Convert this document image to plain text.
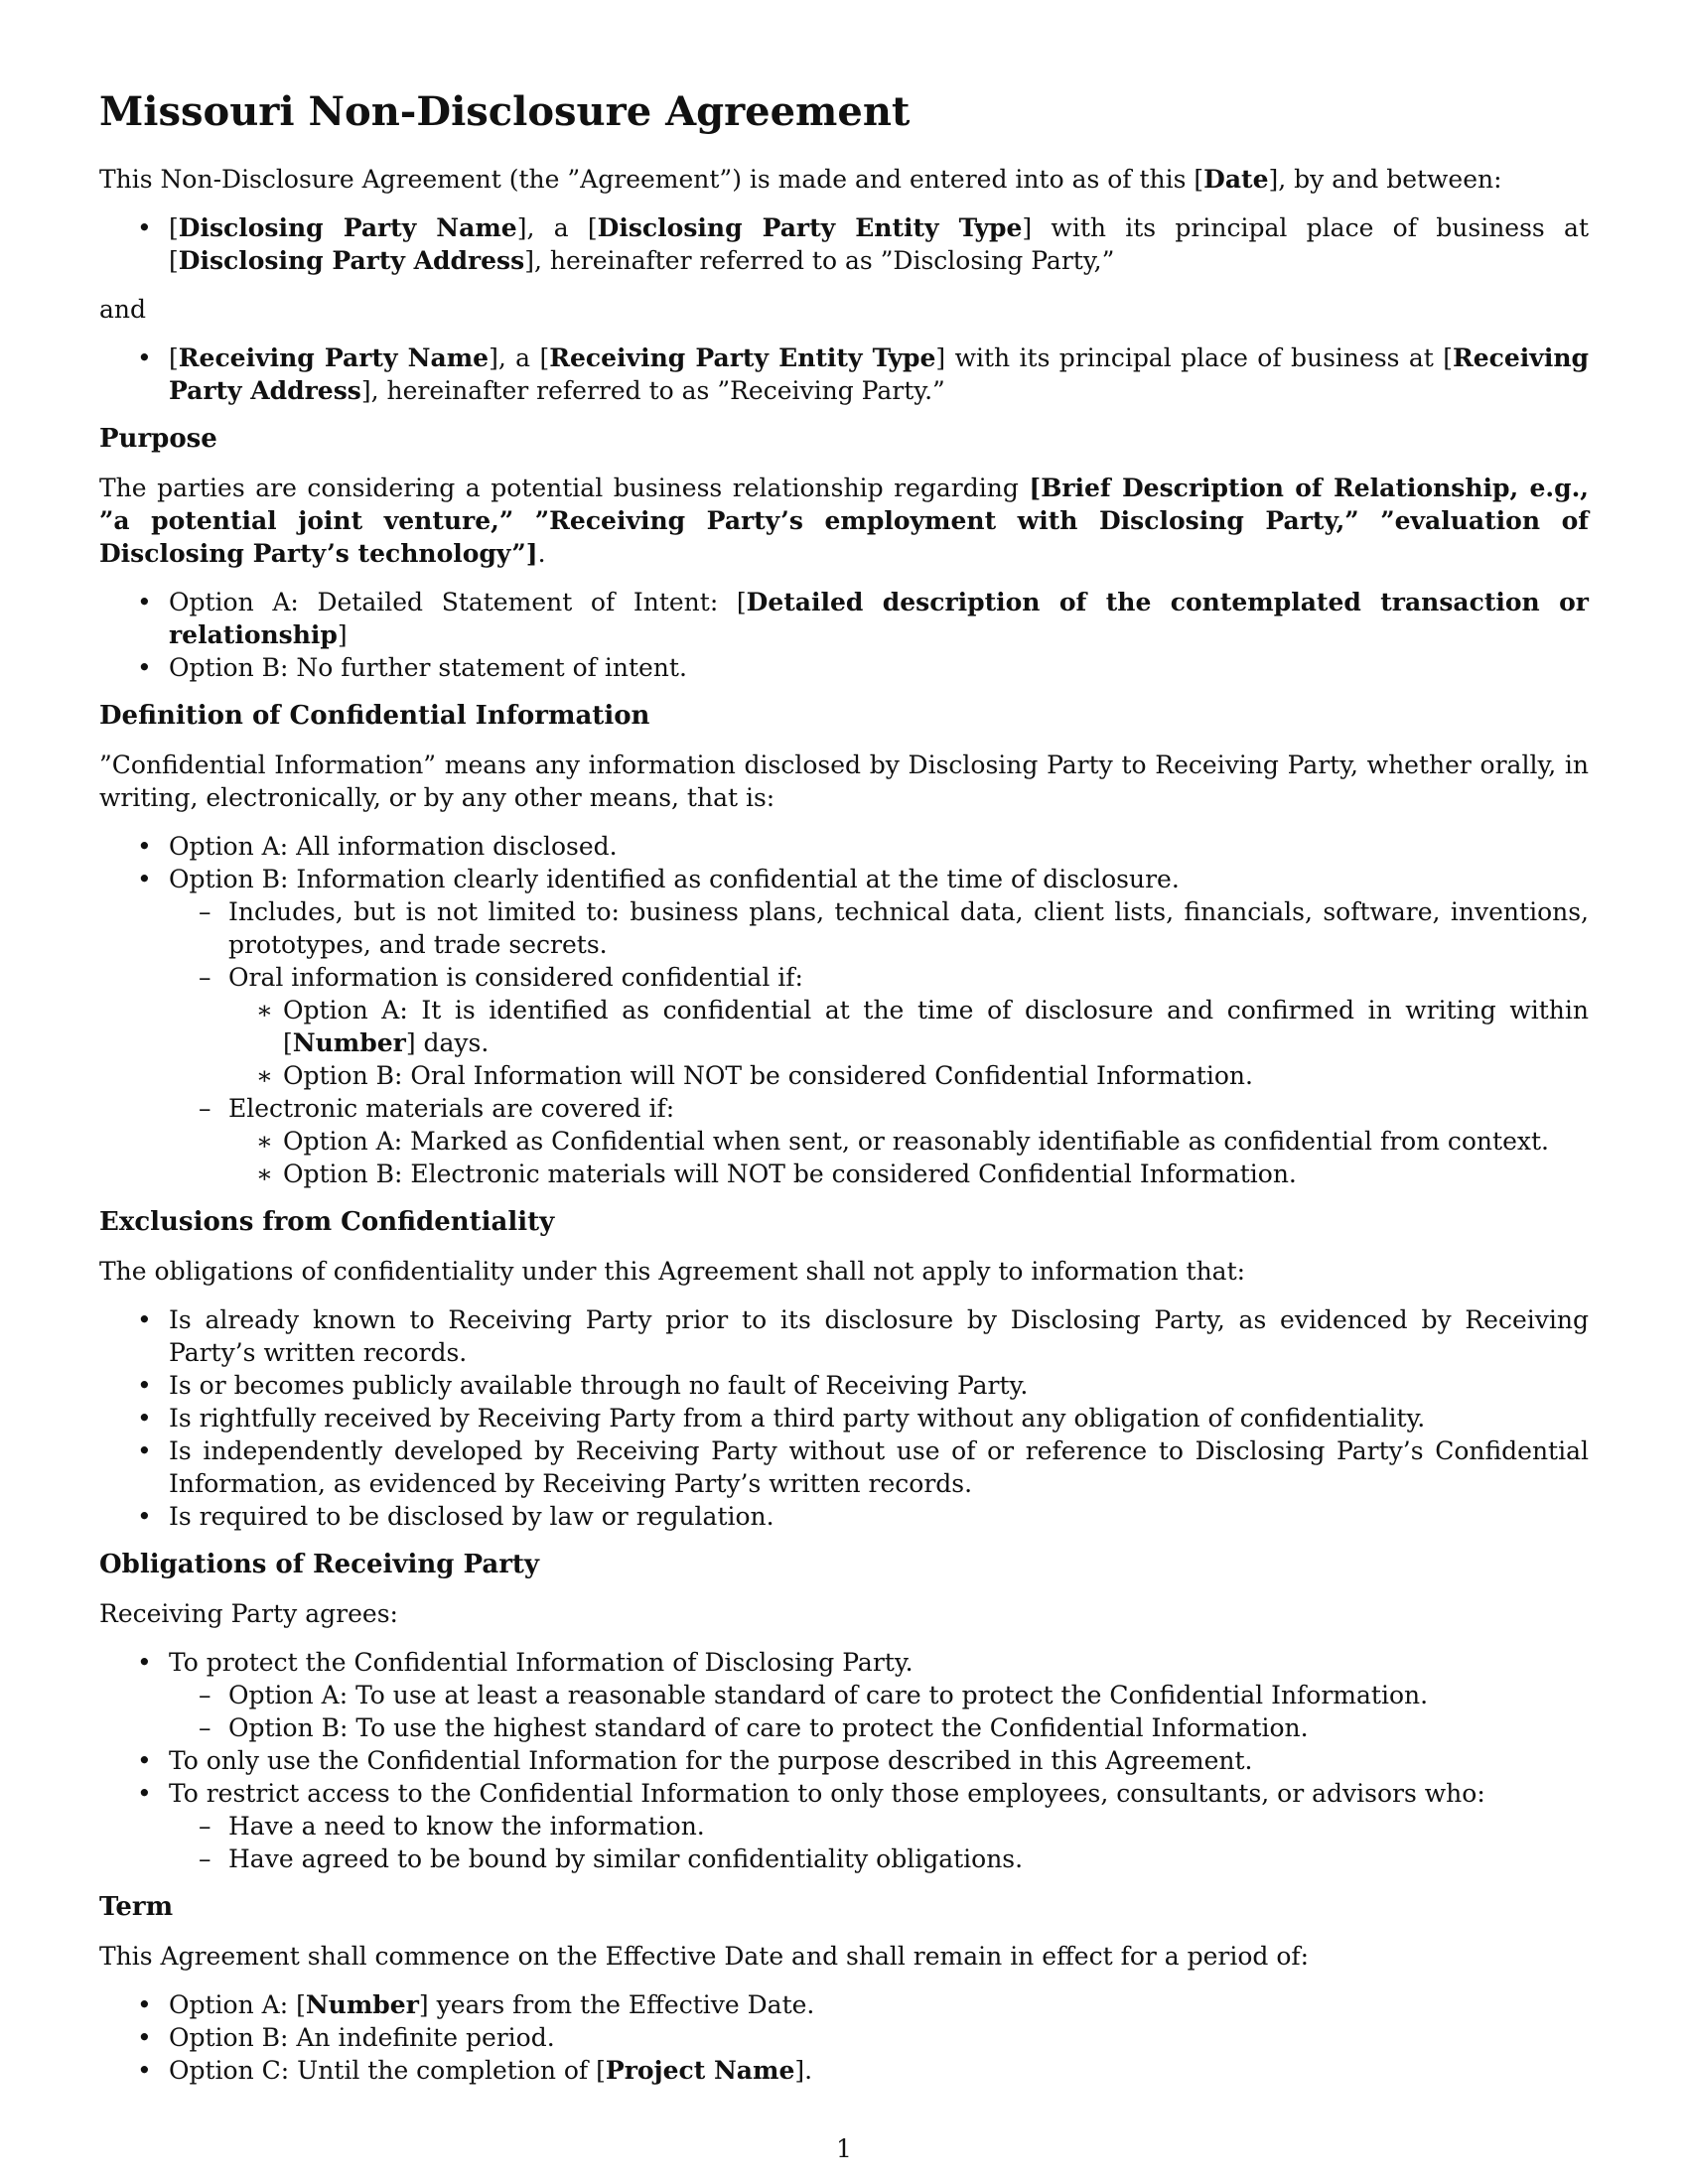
Missouri Non-Disclosure Agreement

This Non-Disclosure Agreement (the ”Agreement”) is made and entered into as of this [Date], by and between:

• [Disclosing Party Name], a [Disclosing Party Entity Type] with its principal place of business at [Disclosing Party Address], hereinafter referred to as ”Disclosing Party,”

and

• [Receiving Party Name], a [Receiving Party Entity Type] with its principal place of business at [Receiving Party Address], hereinafter referred to as ”Receiving Party.”
Purpose

The parties are considering a potential business relationship regarding [Brief Description of Relationship, e.g., ”a potential joint venture,” ”Receiving Party’s employment with Disclosing Party,” ”evaluation of Disclosing Party’s technology”].

• Option A: Detailed Statement of Intent: [Detailed description of the contemplated transaction or relationship]
• Option B: No further statement of intent.
Definition of Confidential Information

”Confidential Information” means any information disclosed by Disclosing Party to Receiving Party, whether orally, in writing, electronically, or by any other means, that is:

• Option A: All information disclosed.
• Option B: Information clearly identified as confidential at the time of disclosure.
– Includes, but is not limited to: business plans, technical data, client lists, financials, software, inventions, prototypes, and trade secrets.
– Oral information is considered confidential if:
∗ Option A: It is identified as confidential at the time of disclosure and confirmed in writing within [Number] days.
∗ Option B: Oral Information will NOT be considered Confidential Information.
– Electronic materials are covered if:
∗ Option A: Marked as Confidential when sent, or reasonably identifiable as confidential from context.
∗ Option B: Electronic materials will NOT be considered Confidential Information.
Exclusions from Confidentiality

The obligations of confidentiality under this Agreement shall not apply to information that:

• Is already known to Receiving Party prior to its disclosure by Disclosing Party, as evidenced by Receiving Party’s written records.
• Is or becomes publicly available through no fault of Receiving Party.
• Is rightfully received by Receiving Party from a third party without any obligation of confidentiality.
• Is independently developed by Receiving Party without use of or reference to Disclosing Party’s Confidential Information, as evidenced by Receiving Party’s written records.
• Is required to be disclosed by law or regulation.
Obligations of Receiving Party

Receiving Party agrees:

• To protect the Confidential Information of Disclosing Party.
– Option A: To use at least a reasonable standard of care to protect the Confidential Information.
– Option B: To use the highest standard of care to protect the Confidential Information.
• To only use the Confidential Information for the purpose described in this Agreement.
• To restrict access to the Confidential Information to only those employees, consultants, or advisors who:
– Have a need to know the information.
– Have agreed to be bound by similar confidentiality obligations.
Term

This Agreement shall commence on the Effective Date and shall remain in effect for a period of:

• Option A: [Number] years from the Effective Date.
• Option B: An indefinite period.
• Option C: Until the completion of [Project Name].
1
